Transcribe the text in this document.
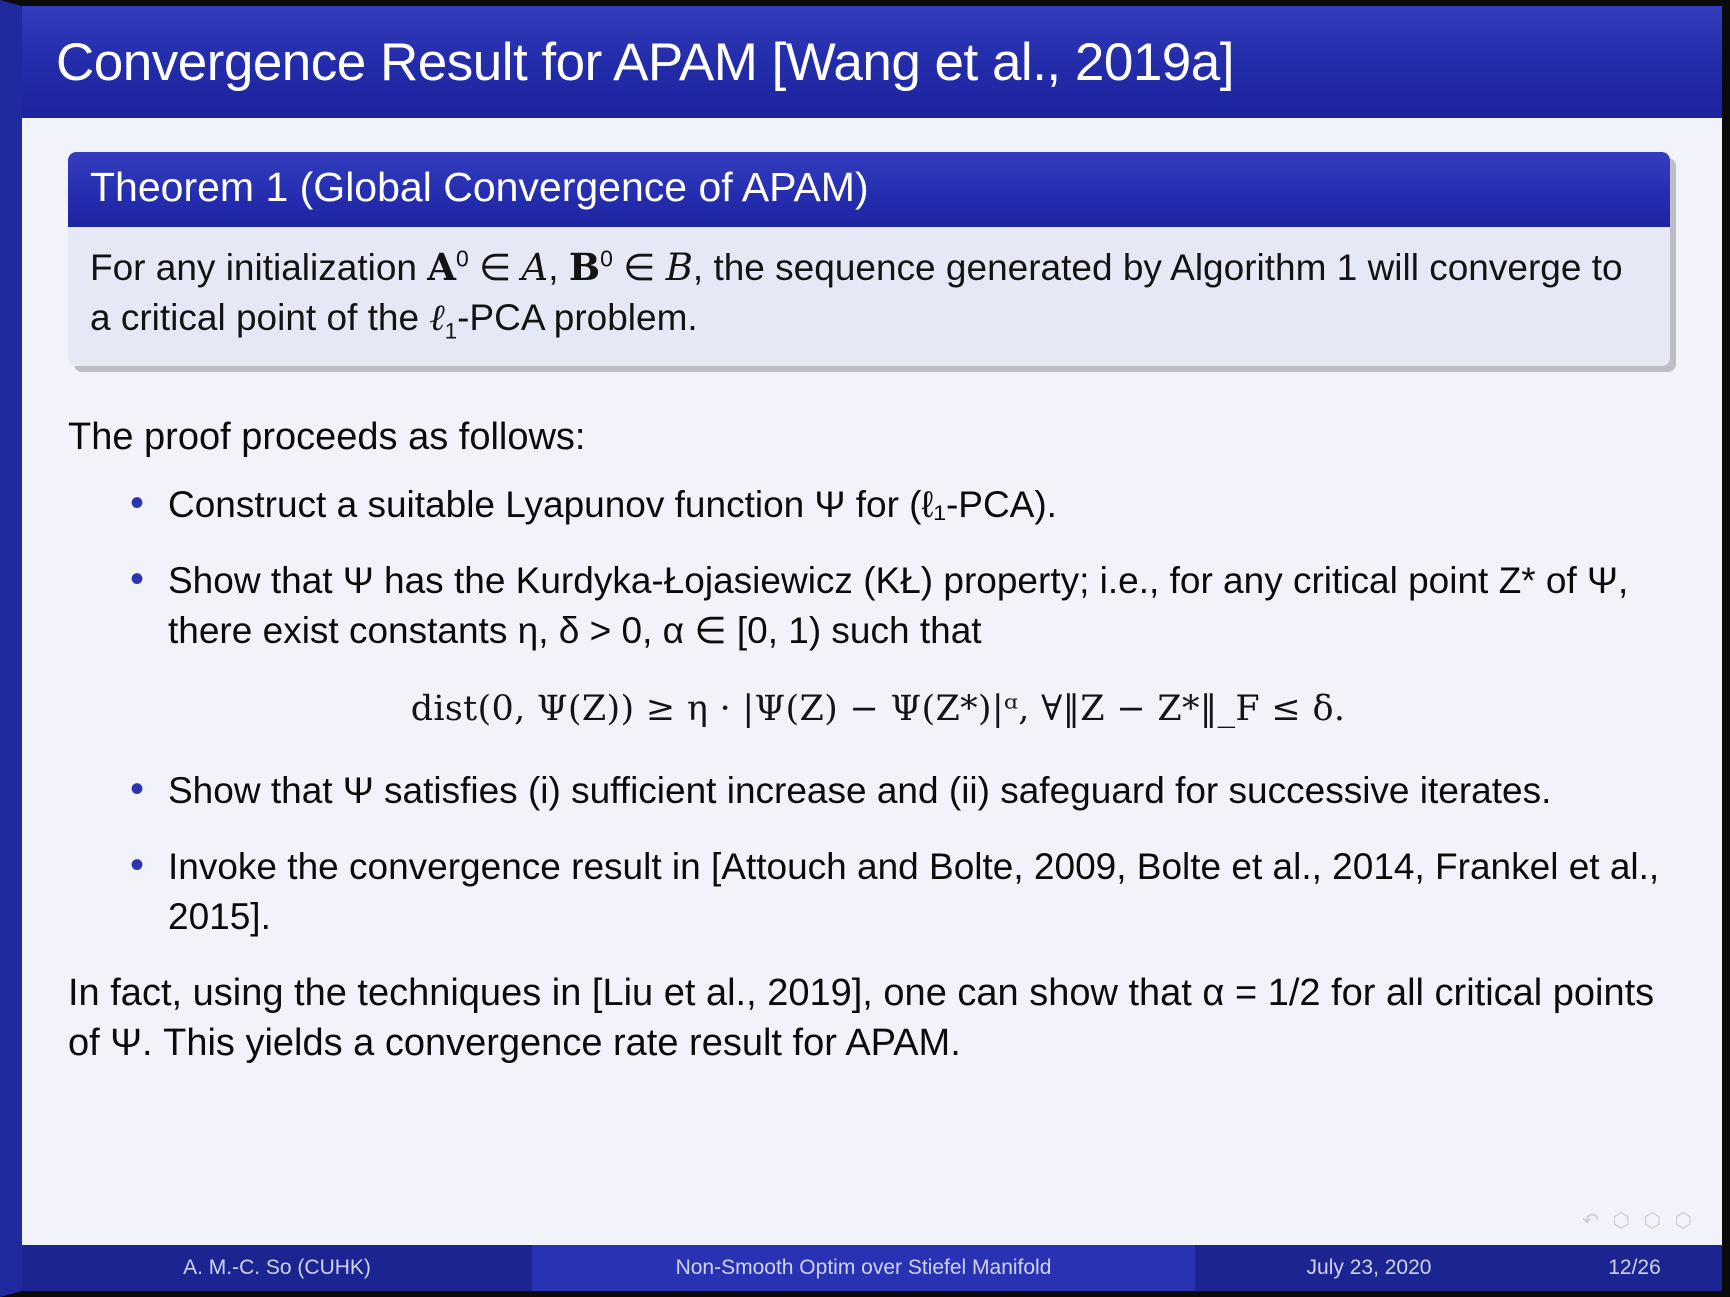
Convergence Result for APAM [Wang et al., 2019a]
Theorem 1 (Global Convergence of APAM)
For any initialization $A^0$ ∈ A, $B^0$ ∈ B, the sequence generated by Algorithm 1 will converge to a critical point of the ℓ$_1$-PCA problem.
The proof proceeds as follows:
• Construct a suitable Lyapunov function Ψ for (ℓ₁-PCA).
• Show that Ψ has the Kurdyka-Łojasiewicz (KŁ) property; i.e., for any critical point Z* of Ψ, there exist constants η, δ > 0, α ∈ [0, 1) such that
dist(0, Ψ(Z)) ≥ η · |Ψ(Z) − Ψ(Z*)|ᵅ, ∀‖Z − Z*‖_F ≤ δ.
• Show that Ψ satisfies (i) sufficient increase and (ii) safeguard for successive iterates.
• Invoke the convergence result in [Attouch and Bolte, 2009, Bolte et al., 2014, Frankel et al., 2015].
In fact, using the techniques in [Liu et al., 2019], one can show that α = 1/2 for all critical points of Ψ. This yields a convergence rate result for APAM.
↶ ⬡ ⬡ ⬡
A. M.-C. So (CUHK)	Non-Smooth Optim over Stiefel Manifold	July 23, 2020	12/26
